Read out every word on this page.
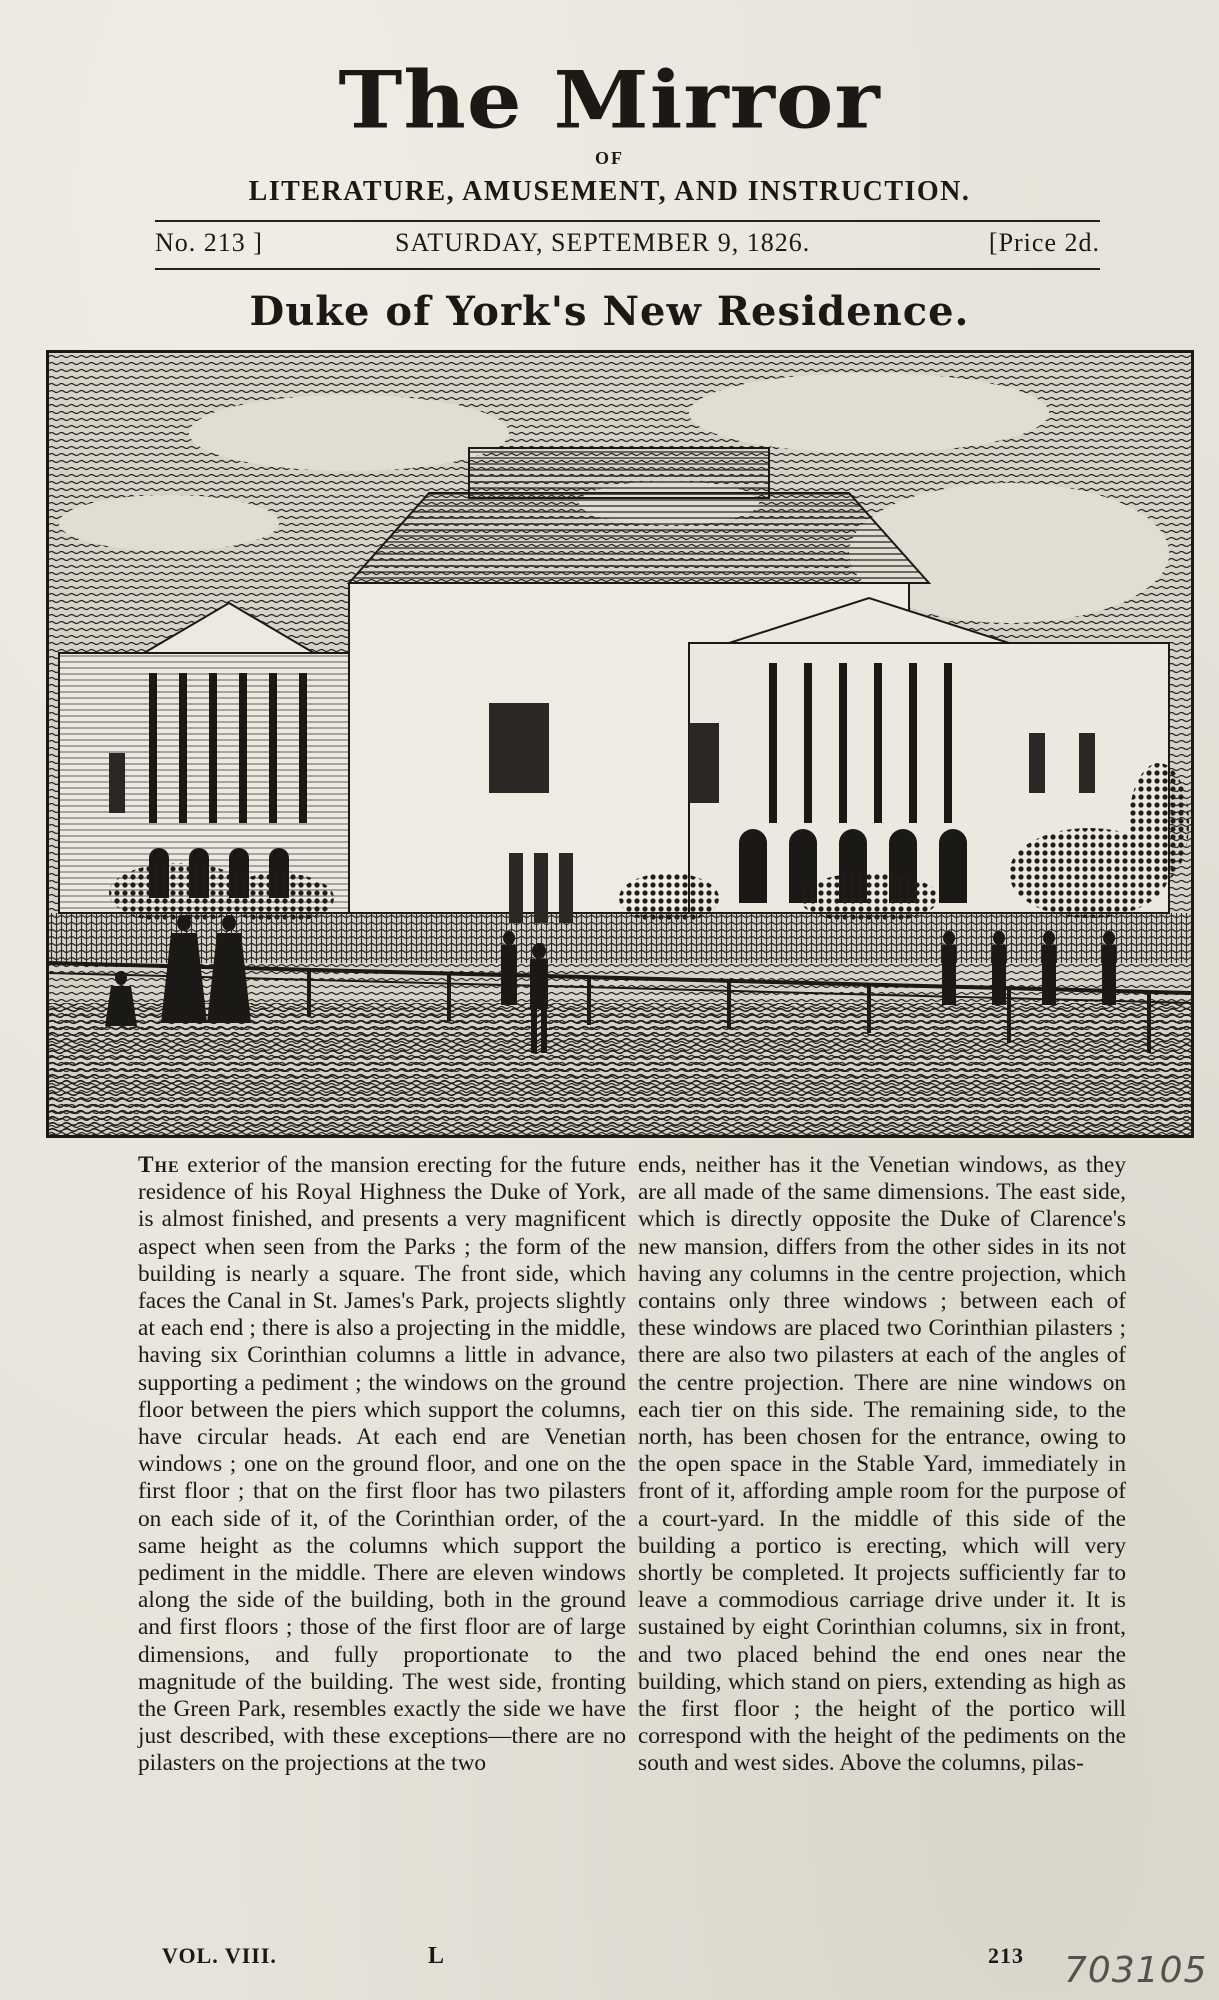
The Mirror
OF
LITERATURE, AMUSEMENT, AND INSTRUCTION.
No. 213 ]	SATURDAY, SEPTEMBER 9, 1826.	[Price 2d.
Duke of York's New Residence.

The exterior of the mansion erecting for the future residence of his Royal Highness the Duke of York, is almost finished, and presents a very magnificent aspect when seen from the Parks ; the form of the building is nearly a square. The front side, which faces the Canal in St. James's Park, projects slightly at each end ; there is also a projecting in the middle, having six Corinthian columns a little in advance, supporting a pediment ; the windows on the ground floor between the piers which support the columns, have circular heads. At each end are Venetian windows ; one on the ground floor, and one on the first floor ; that on the first floor has two pilasters on each side of it, of the Corinthian order, of the same height as the columns which support the pediment in the middle. There are eleven windows along the side of the building, both in the ground and first floors ; those of the first floor are of large dimensions, and fully proportionate to the magnitude of the building. The west side, fronting the Green Park, resembles exactly the side we have just described, with these exceptions—there are no pilasters on the projections at the two

ends, neither has it the Venetian windows, as they are all made of the same dimensions. The east side, which is directly opposite the Duke of Clarence's new mansion, differs from the other sides in its not having any columns in the centre projection, which contains only three windows ; between each of these windows are placed two Corinthian pilasters ; there are also two pilasters at each of the angles of the centre projection. There are nine windows on each tier on this side. The remaining side, to the north, has been chosen for the entrance, owing to the open space in the Stable Yard, immediately in front of it, affording ample room for the purpose of a court-yard. In the middle of this side of the building a portico is erecting, which will very shortly be completed. It projects sufficiently far to leave a commodious carriage drive under it. It is sustained by eight Corinthian columns, six in front, and two placed behind the end ones near the building, which stand on piers, extending as high as the first floor ; the height of the portico will correspond with the height of the pediments on the south and west sides. Above the columns, pilas-

VOL. VIII.	L	213 703105
